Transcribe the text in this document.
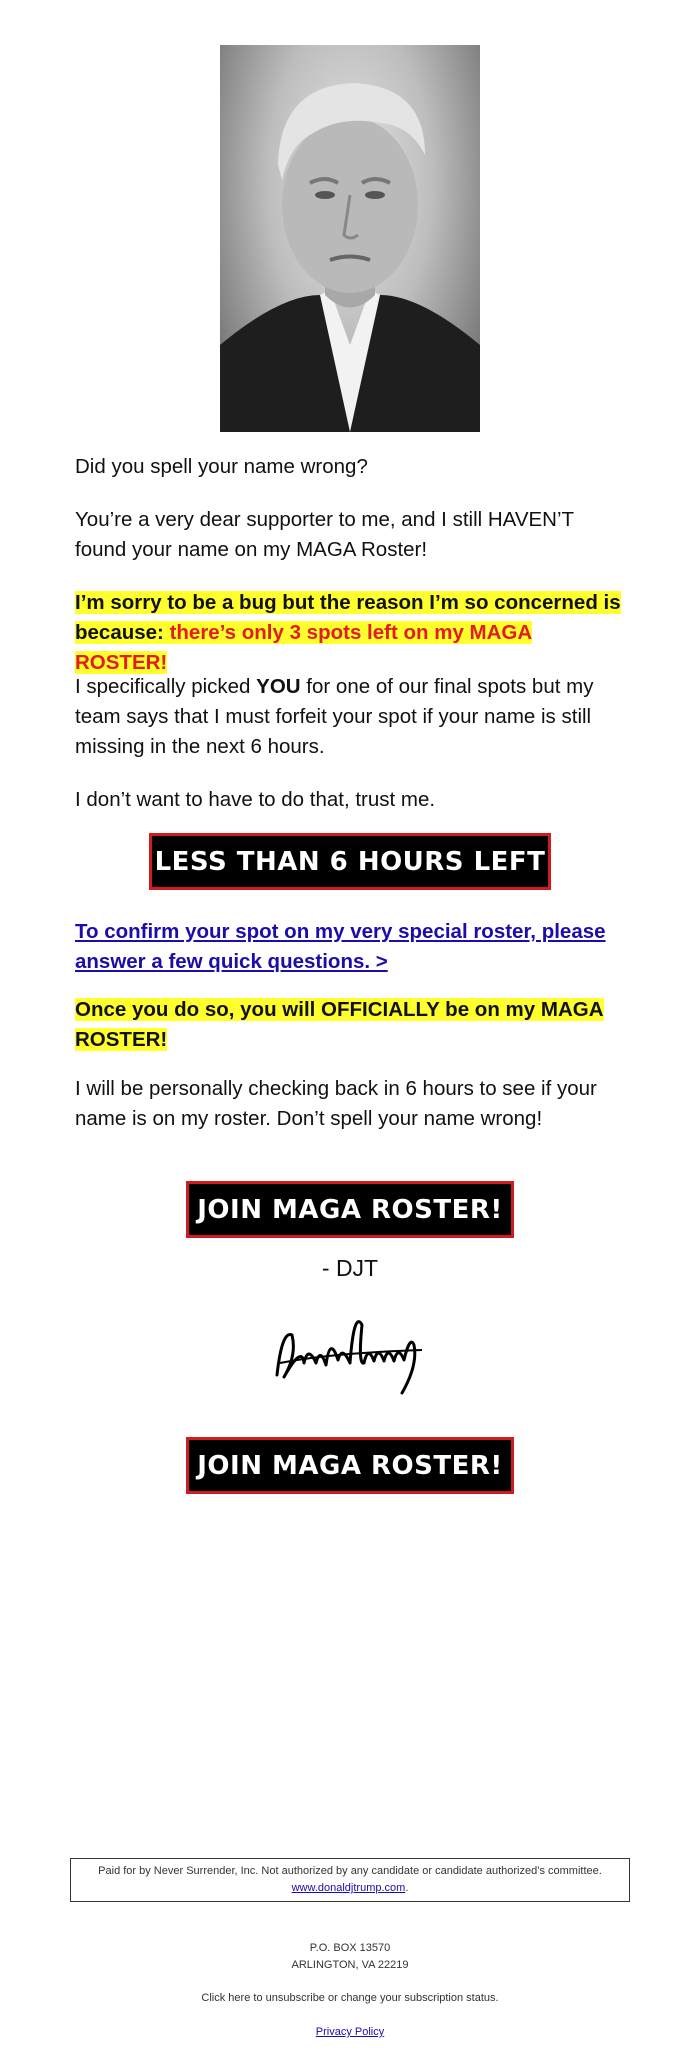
Did you spell your name wrong?

You’re a very dear supporter to me, and I still HAVEN’T found your name on my MAGA Roster!

I’m sorry to be a bug but the reason I’m so concerned is because: there’s only 3 spots left on my MAGA ROSTER!

I specifically picked YOU for one of our final spots but my team says that I must forfeit your spot if your name is still missing in the next 6 hours.

I don’t want to have to do that, trust me.

LESS THAN 6 HOURS LEFT
To confirm your spot on my very special roster, please answer a few quick questions. >

Once you do so, you will OFFICIALLY be on my MAGA ROSTER!

I will be personally checking back in 6 hours to see if your name is on my roster. Don’t spell your name wrong!

JOIN MAGA ROSTER!
- DJT
JOIN MAGA ROSTER!
Paid for by Never Surrender, Inc. Not authorized by any candidate or candidate authorized’s committee.
www.donaldjtrump.com.
P.O. BOX 13570
ARLINGTON, VA 22219
Click here to unsubscribe or change your subscription status.
Privacy Policy
